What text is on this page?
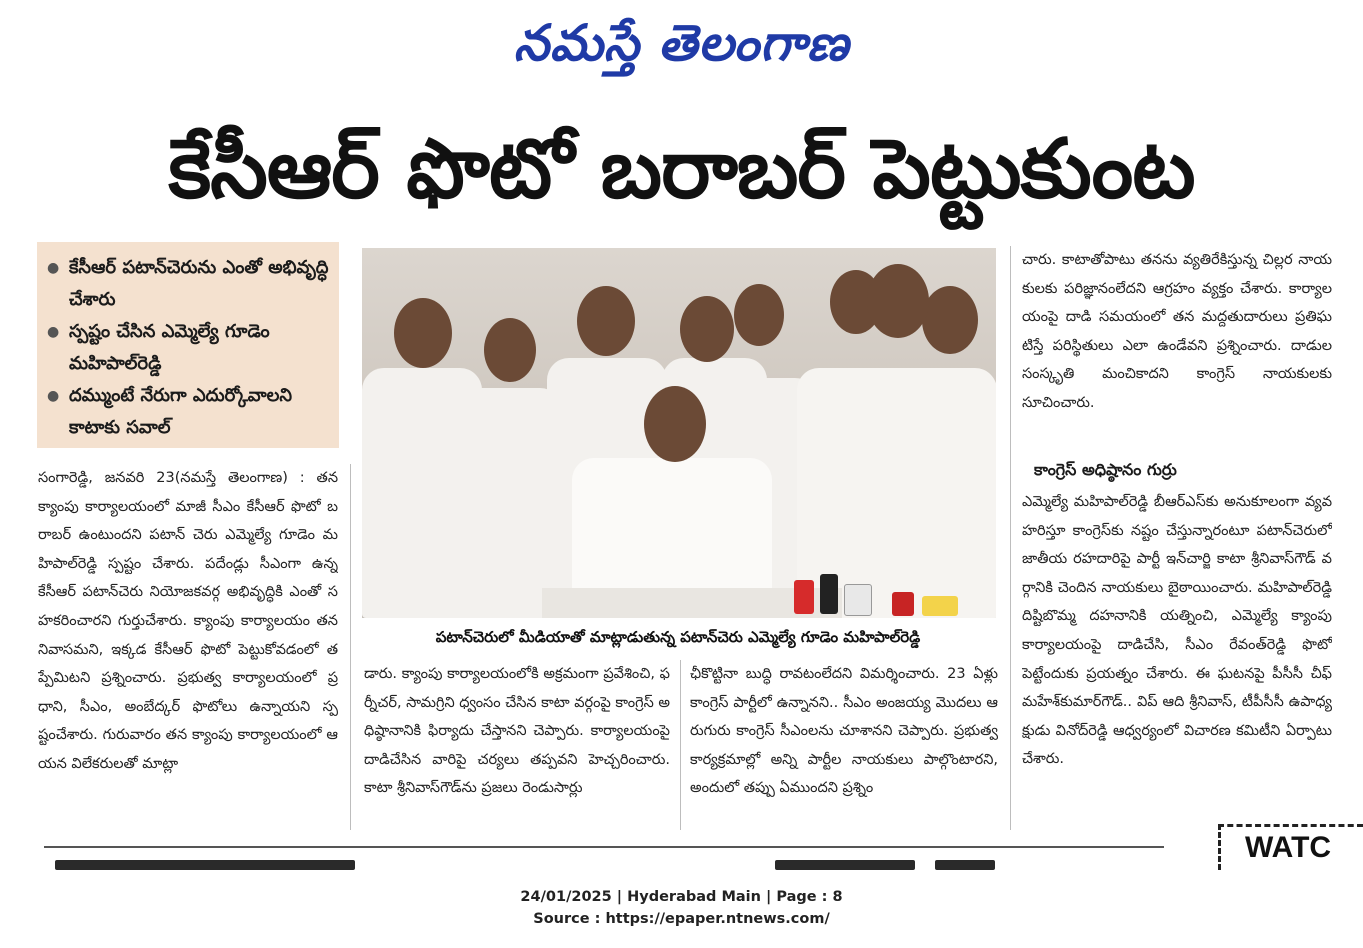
నమస్తే తెలంగాణ
కేసీఆర్ ఫొటో బరాబర్ పెట్టుకుంట
● కేసీఆర్ పటాన్‌చెరును ఎంతో అభివృద్ధి చేశారు
● స్పష్టం చేసిన ఎమ్మెల్యే గూడెం మహిపాల్‌రెడ్డి
● దమ్ముంటే నేరుగా ఎదుర్కోవాలని కాటాకు సవాల్
సంగారెడ్డి, జనవరి 23(నమస్తే తెలంగాణ) : తన క్యాంపు కార్యాలయంలో మాజీ సీఎం కేసీఆర్ ఫొటో బరాబర్ ఉంటుందని పటాన్ చెరు ఎమ్మెల్యే గూడెం మహిపాల్‌రెడ్డి స్పష్టం చేశారు. పదేండ్లు సీఎంగా ఉన్న కేసీఆర్ పటాన్‌చెరు నియోజకవర్గ అభివృద్ధికి ఎంతో సహకరించారని గుర్తుచేశారు. క్యాంపు కార్యాలయం తన నివాసమని, ఇక్కడ కేసీఆర్ ఫొటో పెట్టుకోవడంలో తప్పేమిటని ప్రశ్నించారు. ప్రభుత్వ కార్యాలయంలో ప్రధాని, సీఎం, అంబేద్కర్ ఫొటోలు ఉన్నాయని స్పష్టంచేశారు. గురువారం తన క్యాంపు కార్యాలయంలో ఆయన విలేకరులతో మాట్లా
పటాన్‌చెరులో మీడియాతో మాట్లాడుతున్న పటాన్‌చెరు ఎమ్మెల్యే గూడెం మహిపాల్‌రెడ్డి
డారు. క్యాంపు కార్యాలయంలోకి అక్రమంగా ప్రవేశించి, ఫర్నీచర్, సామగ్రిని ధ్వంసం చేసిన కాటా వర్గంపై కాంగ్రెస్ అధిష్ఠానానికి ఫిర్యాదు చేస్తానని చెప్పారు. కార్యాలయంపై దాడిచేసిన వారిపై చర్యలు తప్పవని హెచ్చరించారు. కాటా శ్రీనివాస్‌గౌడ్‌ను ప్రజలు రెండుసార్లు
ఛీకొట్టినా బుద్ధి రావటంలేదని విమర్శించారు. 23 ఏళ్లు కాంగ్రెస్ పార్టీలో ఉన్నానని.. సీఎం అంజయ్య మొదలు ఆరుగురు కాంగ్రెస్ సీఎంలను చూశానని చెప్పారు. ప్రభుత్వ కార్యక్రమాల్లో అన్ని పార్టీల నాయకులు పాల్గొంటారని, అందులో తప్పు ఏముందని ప్రశ్నిం
చారు. కాటాతోపాటు తనను వ్యతిరేకిస్తున్న చిల్లర నాయకులకు పరిజ్ఞానంలేదని ఆగ్రహం వ్యక్తం చేశారు. కార్యాలయంపై దాడి సమయంలో తన మద్దతుదారులు ప్రతిఘటిస్తే పరిస్థితులు ఎలా ఉండేవని ప్రశ్నించారు. దాడుల సంస్కృతి మంచికాదని కాంగ్రెస్ నాయకులకు సూచించారు.
కాంగ్రెస్ అధిష్ఠానం గుర్రు
ఎమ్మెల్యే మహిపాల్‌రెడ్డి బీఆర్‌ఎస్‌కు అనుకూలంగా వ్యవహరిస్తూ కాంగ్రెస్‌కు నష్టం చేస్తున్నారంటూ పటాన్‌చెరులో జాతీయ రహదారిపై పార్టీ ఇన్‌చార్జి కాటా శ్రీనివాస్‌గౌడ్ వర్గానికి చెందిన నాయకులు బైఠాయించారు. మహిపాల్‌రెడ్డి దిష్టిబొమ్మ దహనానికి యత్నించి, ఎమ్మెల్యే క్యాంపు కార్యాలయంపై దాడిచేసి, సీఎం రేవంత్‌రెడ్డి ఫొటో పెట్టేందుకు ప్రయత్నం చేశారు. ఈ ఘటనపై పీసీసీ చీఫ్ మహేశ్‌కుమార్‌గౌడ్.. విప్ ఆది శ్రీనివాస్, టీపీసీసీ ఉపాధ్యక్షుడు వినోద్‌రెడ్డి ఆధ్వర్యంలో విచారణ కమిటీని ఏర్పాటు చేశారు.
WATC
24/01/2025 | Hyderabad Main | Page : 8
Source : https://epaper.ntnews.com/
